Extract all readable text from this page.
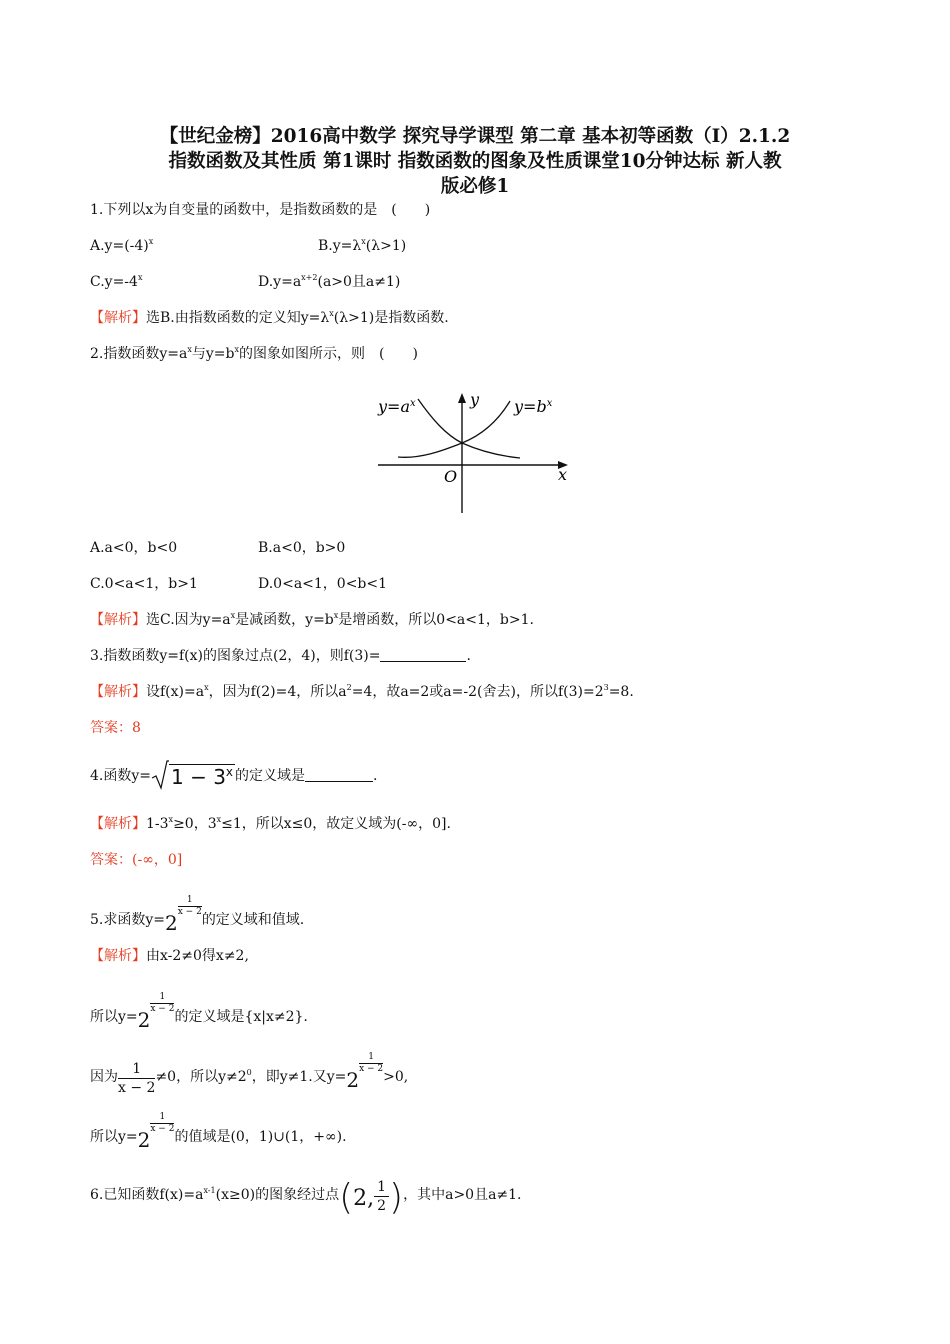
【世纪金榜】2016高中数学 探究导学课型 第二章 基本初等函数（I）2.1.2
指数函数及其性质 第1课时 指数函数的图象及性质课堂10分钟达标 新人教
版必修1
1.下列以x为自变量的函数中，是指数函数的是　(　　)
$A.y=(-4)^x$	$B.y=\lambda^x(\lambda>1)$
$C.y=-4^x$	$D.y=a^{x+2}(a>0$且a≠1)
【解析】选B.由指数函数的定义知$y=\lambda^x(\lambda>1)$是指数函数.
2.指数函数$y=a^x$与$y=b^x$的图象如图所示，则　(　　)
$y=a^x$	$y=b^x$
y
x
O
A.a<0，b<0	B.a<0，b>0
C.0<a<1，b>1	D.0<a<1，0<b<1
【解析】选C.因为$y=a^x$是减函数，$y=b^x$是增函数，所以0<a<1，b>1.
3.指数函数y=f(x)的图象过点(2，4)，则f(3)=	.
【解析】设$f(x)=a^x$，因为f(2)=4，所以$a^2=4$，故a=2或a=-2(舍去)，所以$f(3)=2^3=8$.
答案：8
4.函数$y= 1 - 3^x$ 的定义域是	.
【解析】$1-3^x\ge 0$，$3^x\le 1$，所以x≤0，故定义域为(-∞，0].
答案：(-∞，0]
5.求函数y=2
$\frac{1}{x - 2}$的定义域和值域.
【解析】由x-2≠0得x≠2,
所以y=2
$\frac{1}{x - 2}$的定义域是{x|x≠2}.
因为 $\frac{1}{x - 2}\ne 0$，所以$y\ne 2^0$，即y≠1.又y=2
$\frac{1}{x - 2}>0$,
所以y=2
$\frac{1}{x - 2}$的值域是(0，1)∪(1，+∞).
6.已知函数$f(x)=a^{x-1}(x\ge 0)$的图象经过点(2, $\frac{1}{2}$)，其中a>0且a≠1.
